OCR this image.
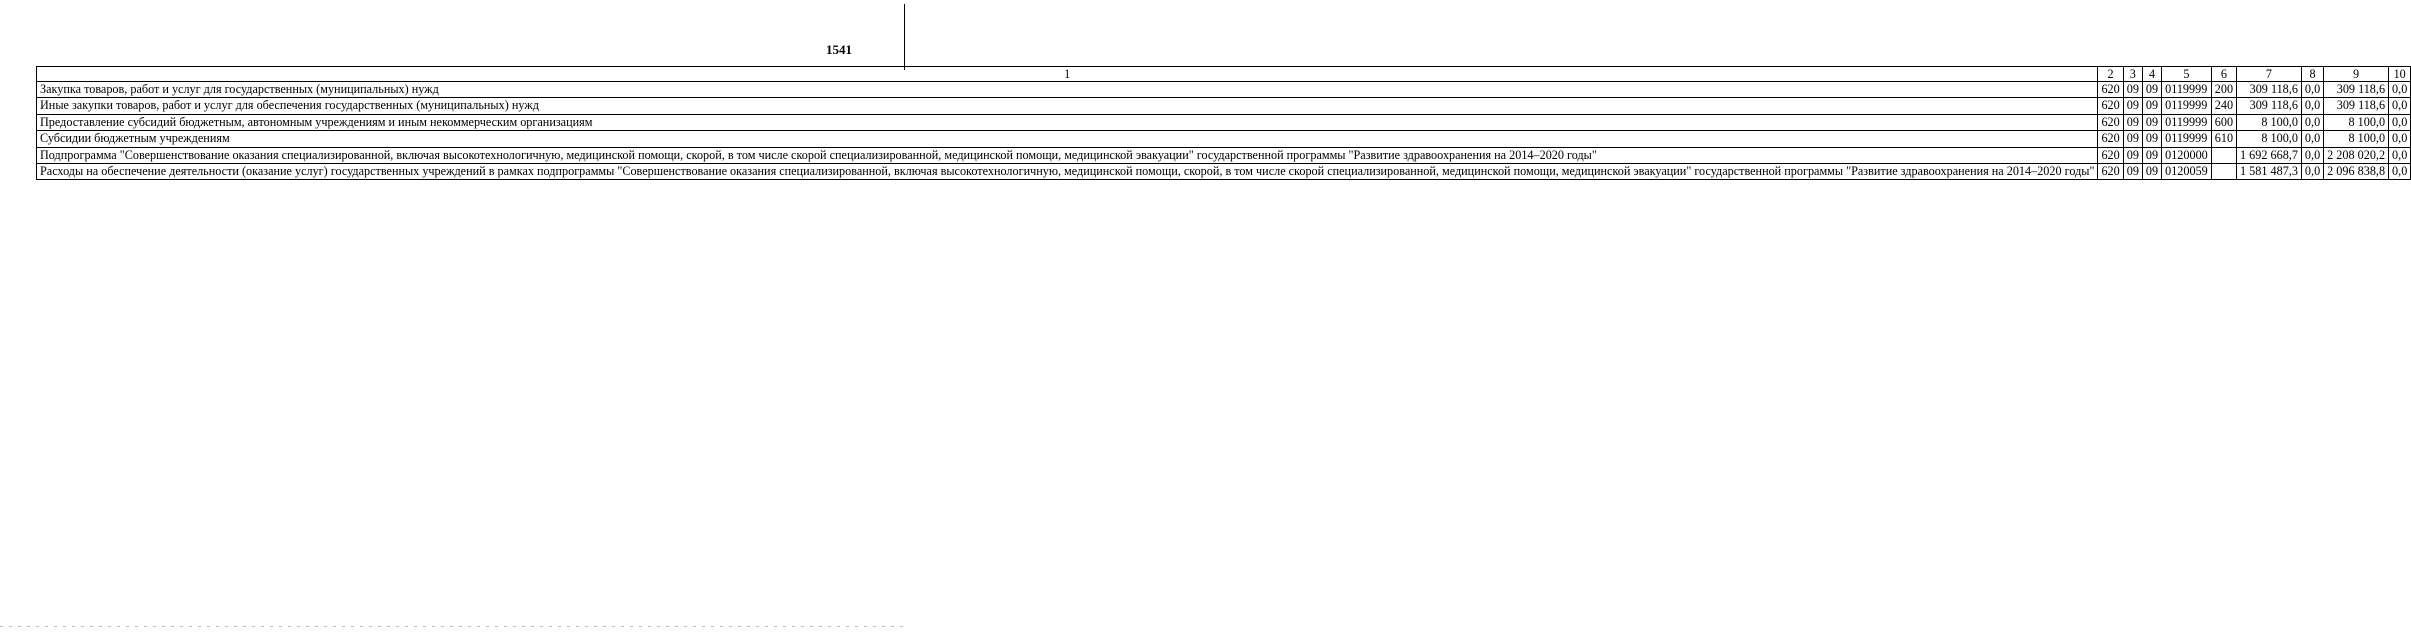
1541
1	2	3	4	5	6	7	8	9	10
Закупка товаров, работ и услуг для государственных (муниципальных) нужд	620	09	09	0119999	200	309 118,6	0,0	309 118,6	0,0
Иные закупки товаров, работ и услуг для обеспечения государственных (муниципальных) нужд	620	09	09	0119999	240	309 118,6	0,0	309 118,6	0,0
Предоставление субсидий бюджетным, автономным учреждениям и иным некоммерческим организациям	620	09	09	0119999	600	8 100,0	0,0	8 100,0	0,0
Субсидии бюджетным учреждениям	620	09	09	0119999	610	8 100,0	0,0	8 100,0	0,0
Подпрограмма "Совершенствование оказания специализированной, включая высокотехнологичную, медицинской помощи, скорой, в том числе скорой специализированной, медицинской помощи, медицинской эвакуации" государственной программы "Развитие здравоохранения на 2014–2020 годы"	620	09	09	0120000		1 692 668,7	0,0	2 208 020,2	0,0
Расходы на обеспечение деятельности (оказание услуг) государственных учреждений в рамках подпрограммы "Совершенствование оказания специализированной, включая высокотехнологичную, медицинской помощи, скорой, в том числе скорой специализированной, медицинской помощи, медицинской эвакуации" государственной программы "Развитие здравоохранения на 2014–2020 годы"	620	09	09	0120059		1 581 487,3	0,0	2 096 838,8	0,0
